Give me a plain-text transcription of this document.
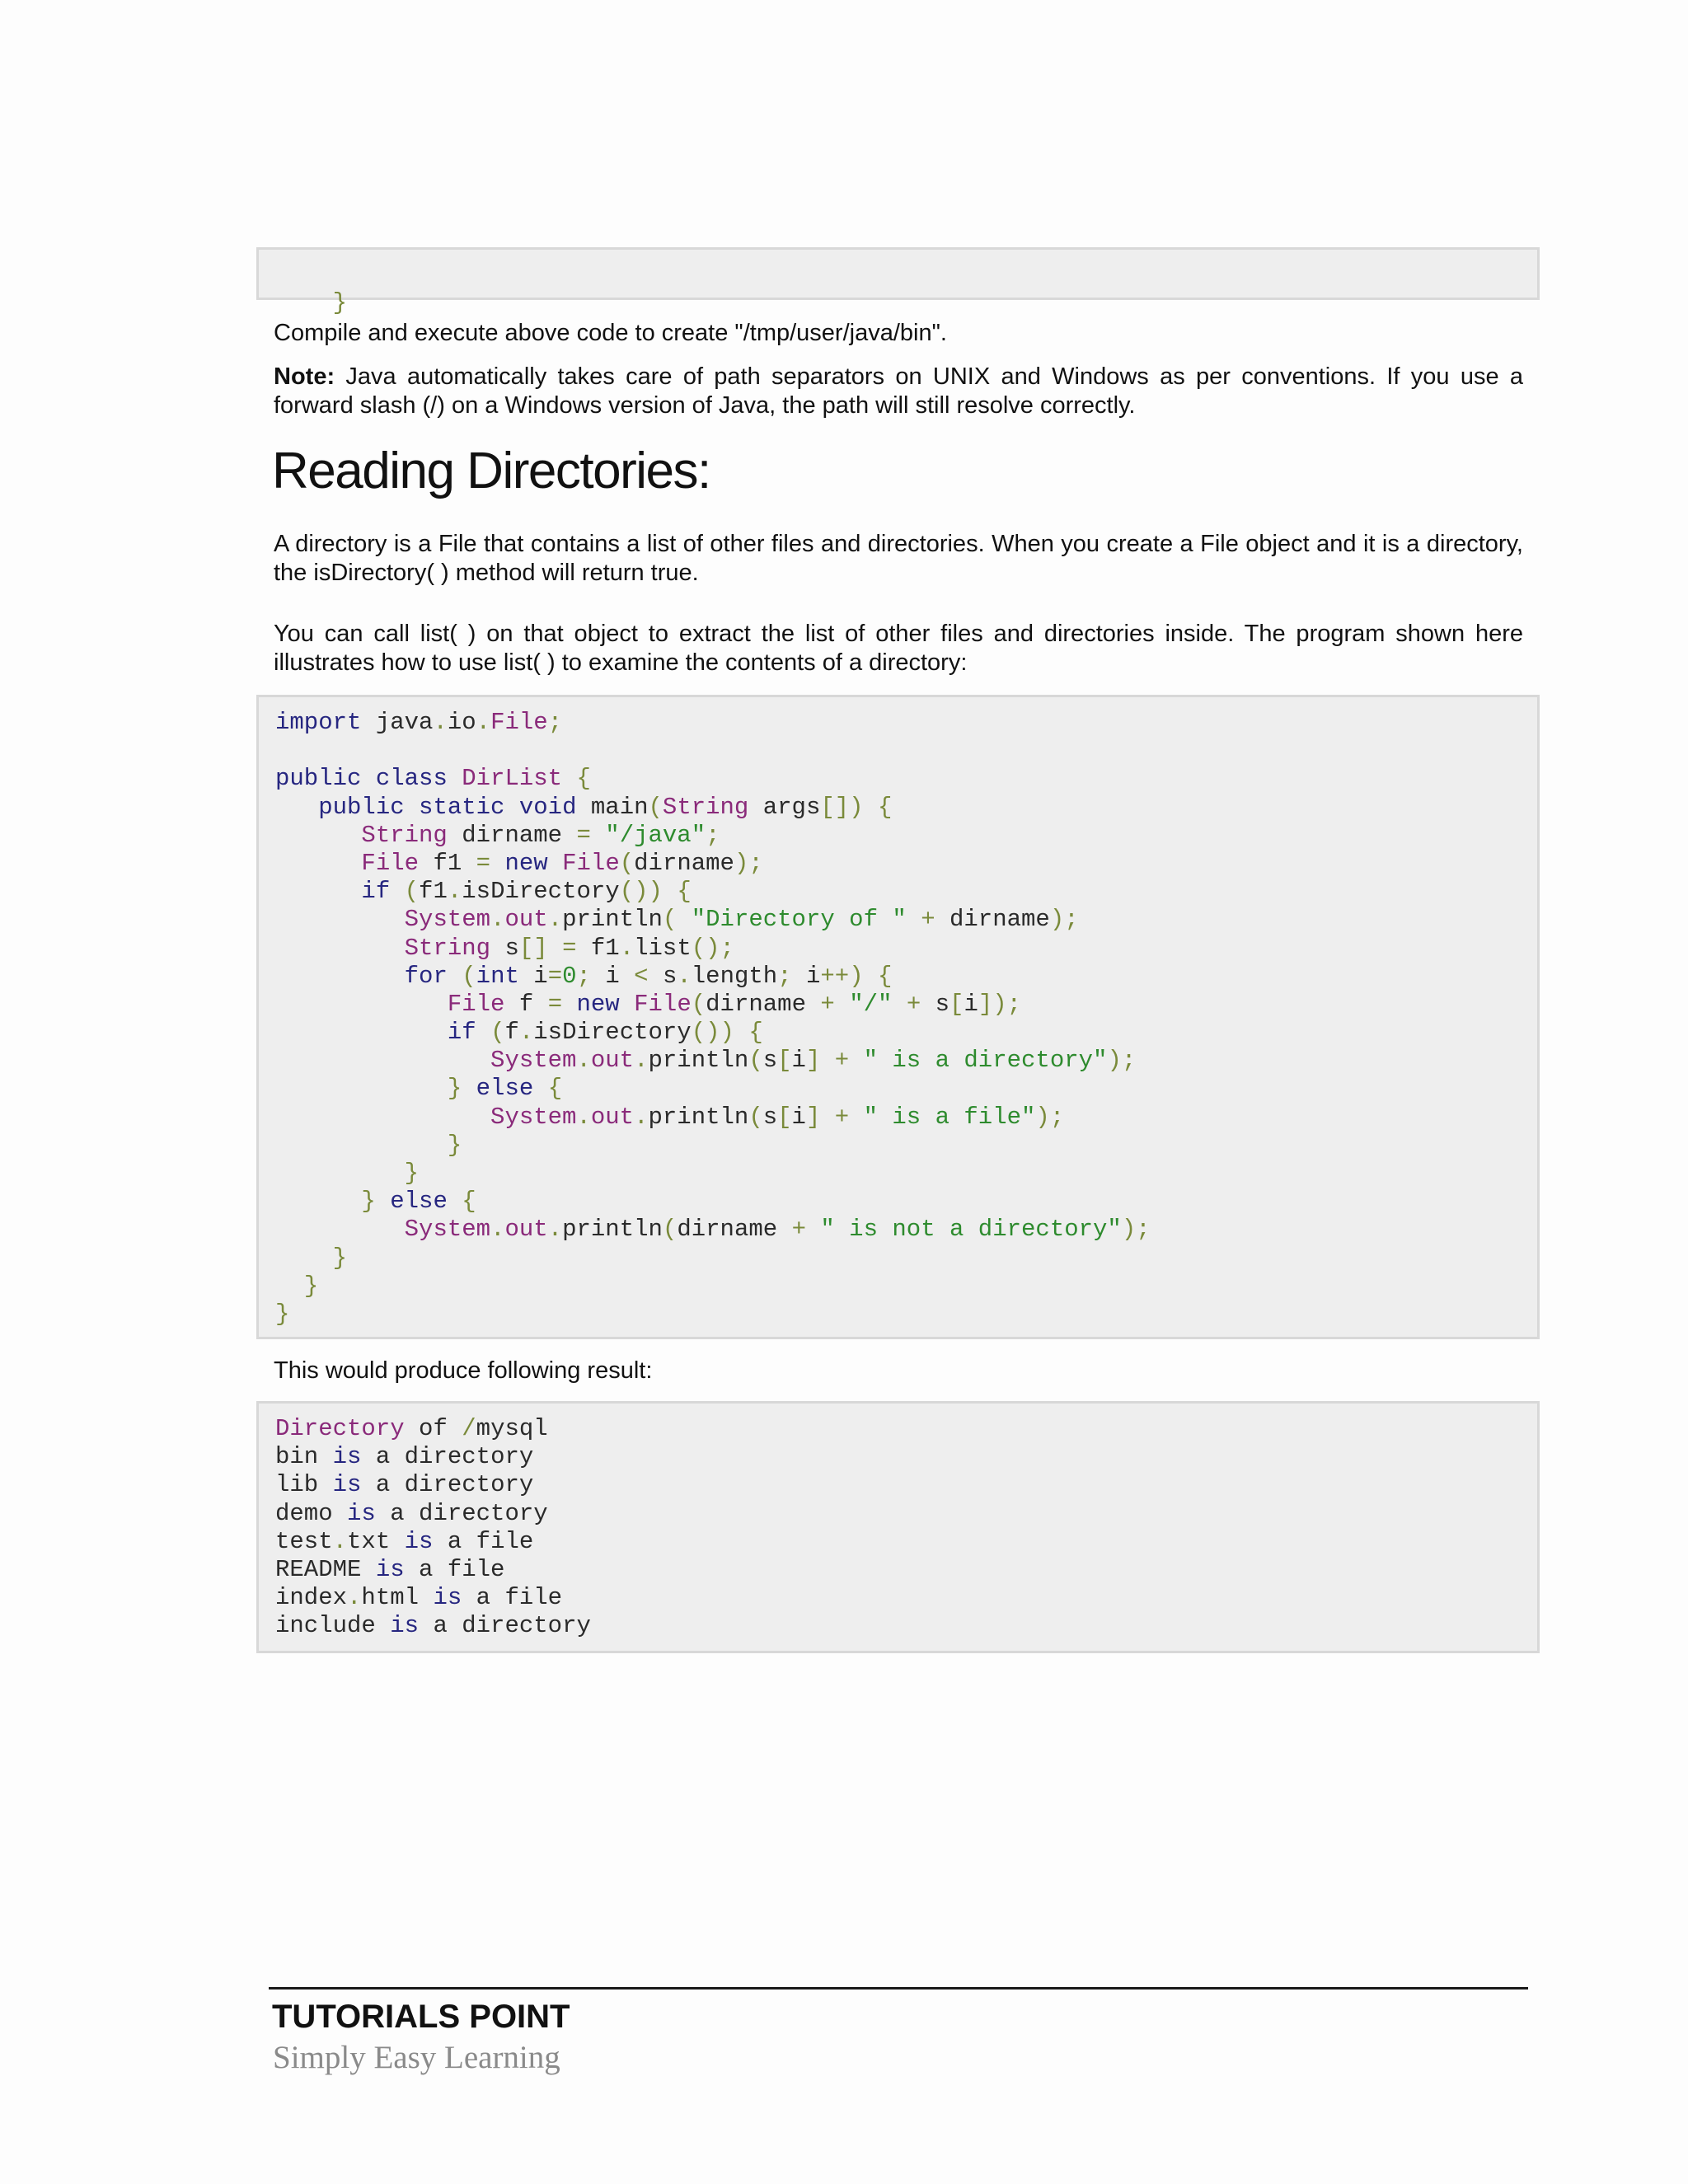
}

Compile and execute above code to create "/tmp/user/java/bin".
Note: Java automatically takes care of path separators on UNIX and Windows as per conventions. If you use a forward slash (/) on a Windows version of Java, the path will still resolve correctly.
Reading Directories:
A directory is a File that contains a list of other files and directories. When you create a File object and it is a directory, the isDirectory( ) method will return true.
You can call list( ) on that object to extract the list of other files and directories inside. The program shown here illustrates how to use list( ) to examine the contents of a directory:
import java.io.File;
public class DirList {
public static void main(String args[]) {
String dirname = "/java";
File f1 = new File(dirname);
if (f1.isDirectory()) {
System.out.println( "Directory of " + dirname);
String s[] = f1.list();
for (int i=0; i < s.length; i++) {
File f = new File(dirname + "/" + s[i]);
if (f.isDirectory()) {
System.out.println(s[i] + " is a directory");
} else {
System.out.println(s[i] + " is a file");
}
}
} else {
System.out.println(dirname + " is not a directory");
}
}
}
This would produce following result:
Directory of /mysql
bin is a directory
lib is a directory
demo is a directory
test.txt is a file
README is a file
index.html is a file
include is a directory
TUTORIALS POINT
Simply Easy Learning
